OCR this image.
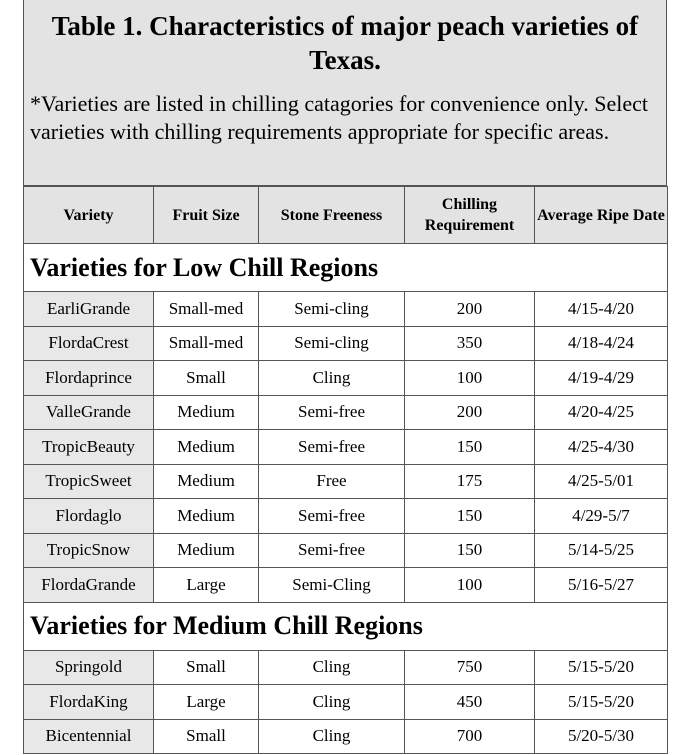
Table 1. Characteristics of major peach varieties of Texas.

*Varieties are listed in chilling catagories for convenience only. Select varieties with chilling requirements appropriate for specific areas.

Variety	Fruit Size	Stone Freeness	Chilling Requirement	Average Ripe Date
Varieties for Low Chill Regions				
EarliGrande	Small-med	Semi-cling	200	4/15-4/20
FlordaCrest	Small-med	Semi-cling	350	4/18-4/24
Flordaprince	Small	Cling	100	4/19-4/29
ValleGrande	Medium	Semi-free	200	4/20-4/25
TropicBeauty	Medium	Semi-free	150	4/25-4/30
TropicSweet	Medium	Free	175	4/25-5/01
Flordaglo	Medium	Semi-free	150	4/29-5/7
TropicSnow	Medium	Semi-free	150	5/14-5/25
FlordaGrande	Large	Semi-Cling	100	5/16-5/27
Varieties for Medium Chill Regions				
Springold	Small	Cling	750	5/15-5/20
FlordaKing	Large	Cling	450	5/15-5/20
Bicentennial	Small	Cling	700	5/20-5/30
